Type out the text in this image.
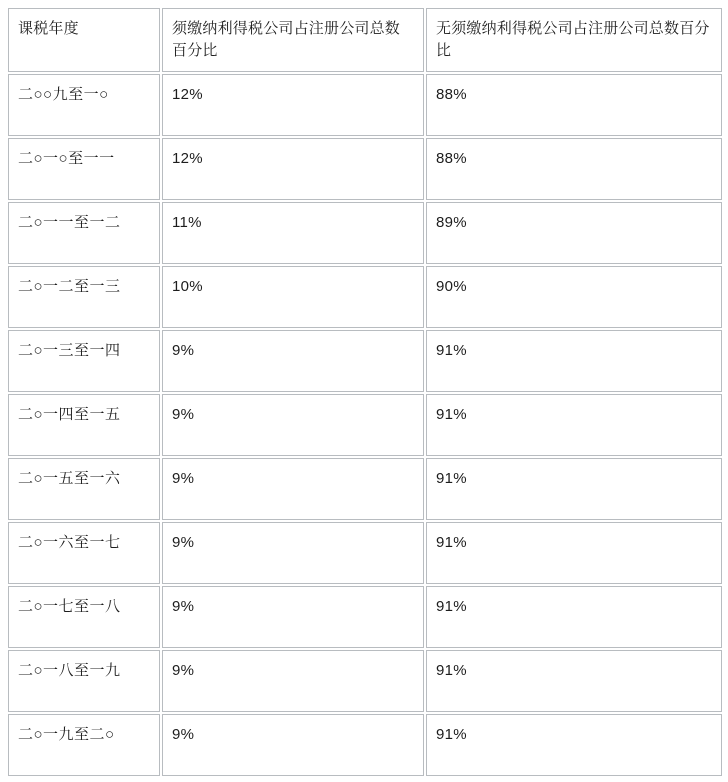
课税年度	须缴纳利得税公司占注册公司总数百分比	无须缴纳利得税公司占注册公司总数百分比
二○○九至一○	12%	88%
二○一○至一一	12%	88%
二○一一至一二	11%	89%
二○一二至一三	10%	90%
二○一三至一四	9%	91%
二○一四至一五	9%	91%
二○一五至一六	9%	91%
二○一六至一七	9%	91%
二○一七至一八	9%	91%
二○一八至一九	9%	91%
二○一九至二○	9%	91%
